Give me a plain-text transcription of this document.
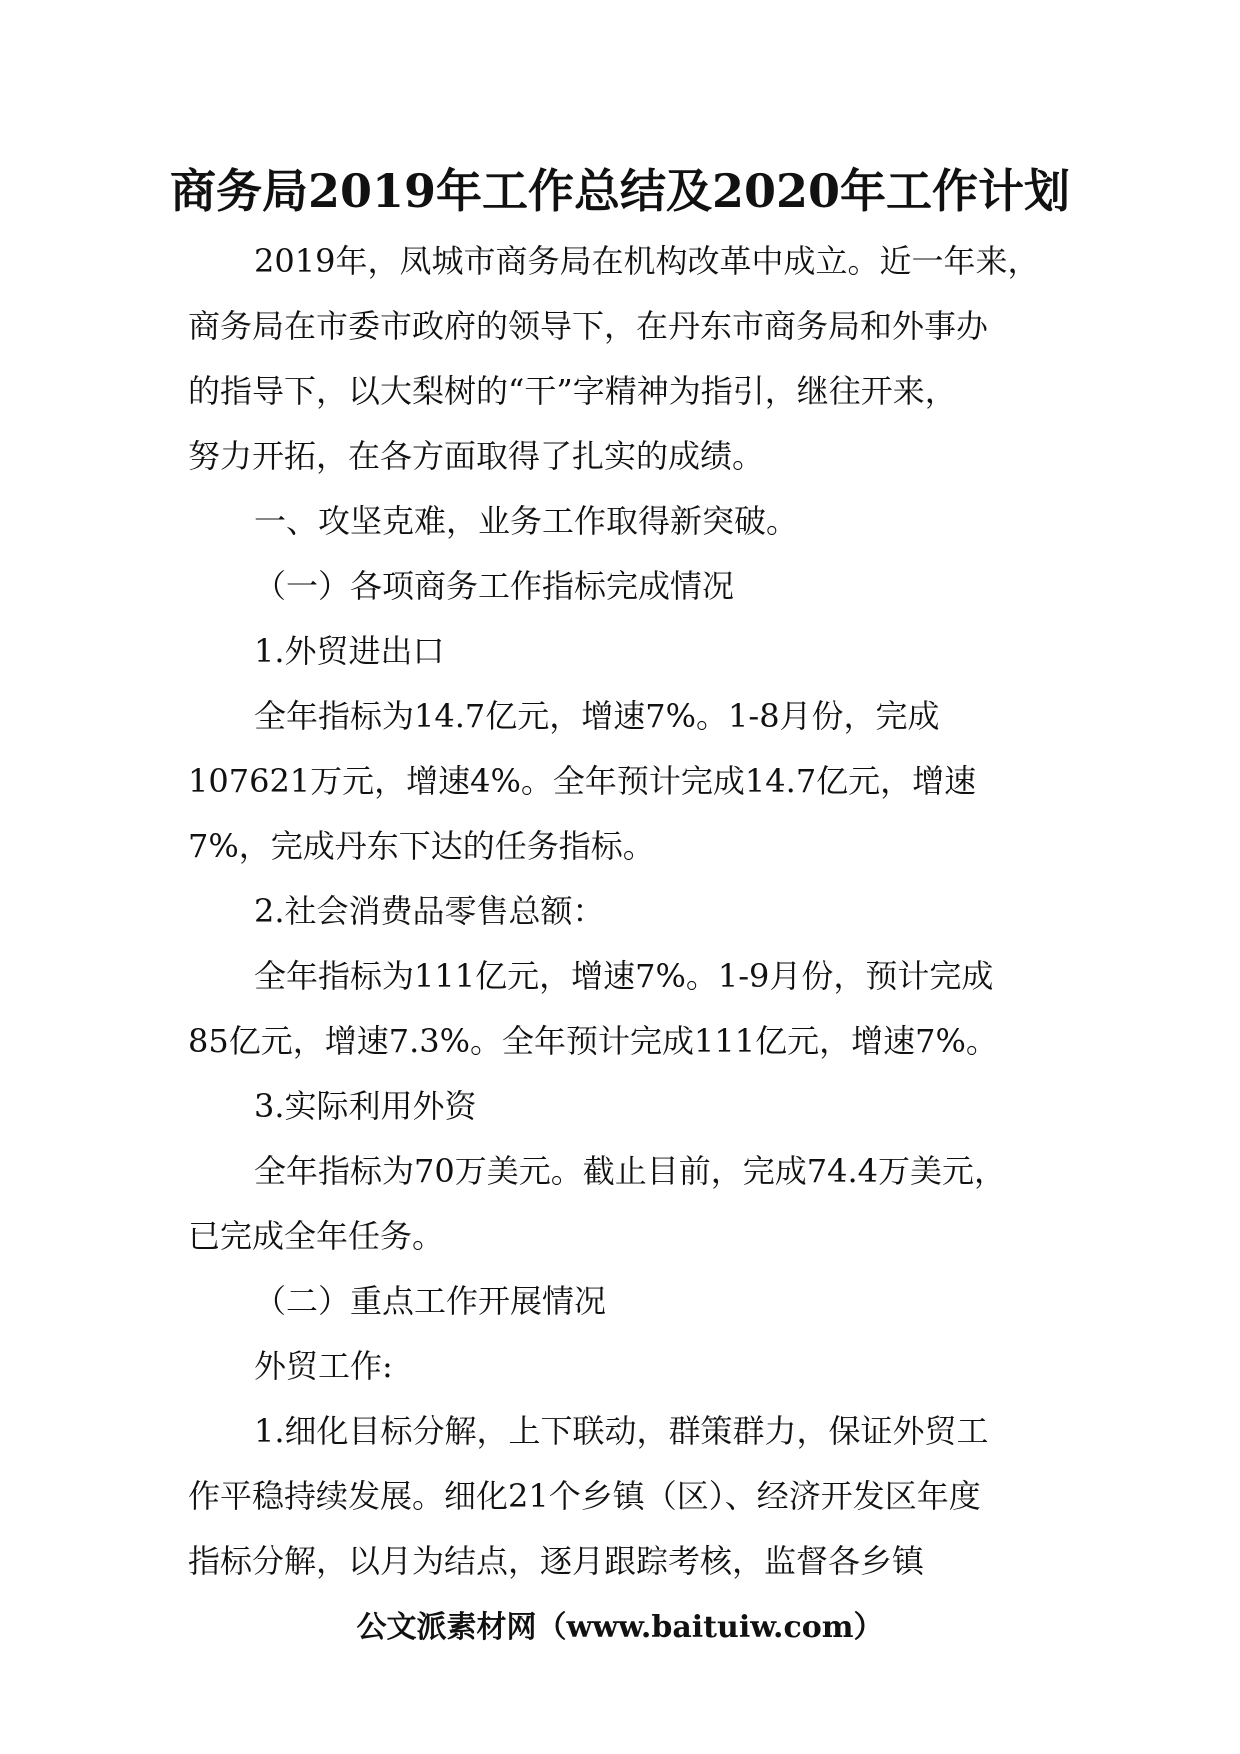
商务局2019年工作总结及2020年工作计划
2019年，凤城市商务局在机构改革中成立。近一年来，
商务局在市委市政府的领导下，在丹东市商务局和外事办
的指导下，以大梨树的“干”字精神为指引，继往开来，
努力开拓，在各方面取得了扎实的成绩。
一、攻坚克难，业务工作取得新突破。
（一）各项商务工作指标完成情况
1.外贸进出口
全年指标为14.7亿元，增速7%。1-8月份，完成
107621万元，增速4%。全年预计完成14.7亿元，增速
7%，完成丹东下达的任务指标。
2.社会消费品零售总额：
全年指标为111亿元，增速7%。1-9月份，预计完成
85亿元，增速7.3%。全年预计完成111亿元，增速7%。
3.实际利用外资
全年指标为70万美元。截止目前，完成74.4万美元，
已完成全年任务。
（二）重点工作开展情况
外贸工作:
1.细化目标分解，上下联动，群策群力，保证外贸工
作平稳持续发展。细化21个乡镇（区）、经济开发区年度
指标分解，以月为结点，逐月跟踪考核，监督各乡镇
公文派素材网（www.baituiw.com）
